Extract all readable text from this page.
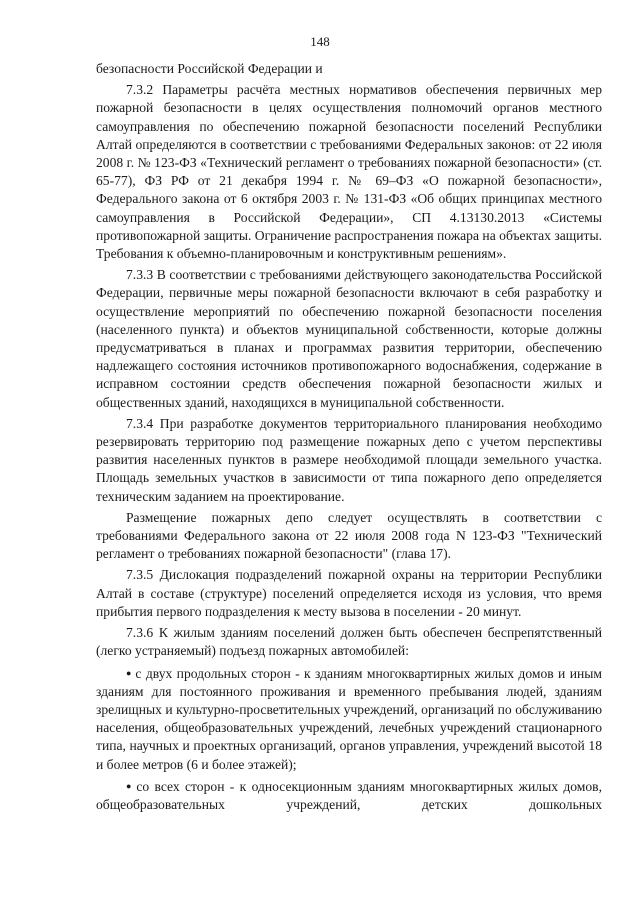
148

безопасности Российской Федерации и

7.3.2 Параметры расчёта местных нормативов обеспечения первичных мер пожарной безопасности в целях осуществления полномочий органов местного самоуправления по обеспечению пожарной безопасности поселений Республики Алтай определяются в соответствии с требованиями Федеральных законов: от 22 июля 2008 г. № 123-ФЗ «Технический регламент о требованиях пожарной безопасности» (ст. 65-77), ФЗ РФ от 21 декабря 1994 г. № 69–ФЗ «О пожарной безопасности», Федерального закона от 6 октября 2003 г. № 131-ФЗ «Об общих принципах местного самоуправления в Российской Федерации», СП 4.13130.2013 «Системы противопожарной защиты. Ограничение распространения пожара на объектах защиты. Требования к объемно-планировочным и конструктивным решениям».

7.3.3 В соответствии с требованиями действующего законодательства Российской Федерации, первичные меры пожарной безопасности включают в себя разработку и осуществление мероприятий по обеспечению пожарной безопасности поселения (населенного пункта) и объектов муниципальной собственности, которые должны предусматриваться в планах и программах развития территории, обеспечению надлежащего состояния источников противопожарного водоснабжения, содержание в исправном состоянии средств обеспечения пожарной безопасности жилых и общественных зданий, находящихся в муниципальной собственности.

7.3.4 При разработке документов территориального планирования необходимо резервировать территорию под размещение пожарных депо с учетом перспективы развития населенных пунктов в размере необходимой площади земельного участка. Площадь земельных участков в зависимости от типа пожарного депо определяется техническим заданием на проектирование.

Размещение пожарных депо следует осуществлять в соответствии с требованиями Федерального закона от 22 июля 2008 года N 123-ФЗ "Технический регламент о требованиях пожарной безопасности" (глава 17).

7.3.5 Дислокация подразделений пожарной охраны на территории Республики Алтай в составе (структуре) поселений определяется исходя из условия, что время прибытия первого подразделения к месту вызова в поселении - 20 минут.

7.3.6 К жилым зданиям поселений должен быть обеспечен беспрепятственный (легко устраняемый) подъезд пожарных автомобилей:

● с двух продольных сторон - к зданиям многоквартирных жилых домов и иным зданиям для постоянного проживания и временного пребывания людей, зданиям зрелищных и культурно-просветительных учреждений, организаций по обслуживанию населения, общеобразовательных учреждений, лечебных учреждений стационарного типа, научных и проектных организаций, органов управления, учреждений высотой 18 и более метров (6 и более этажей);

● со всех сторон - к односекционным зданиям многоквартирных жилых домов, общеобразовательных учреждений, детских дошкольных
